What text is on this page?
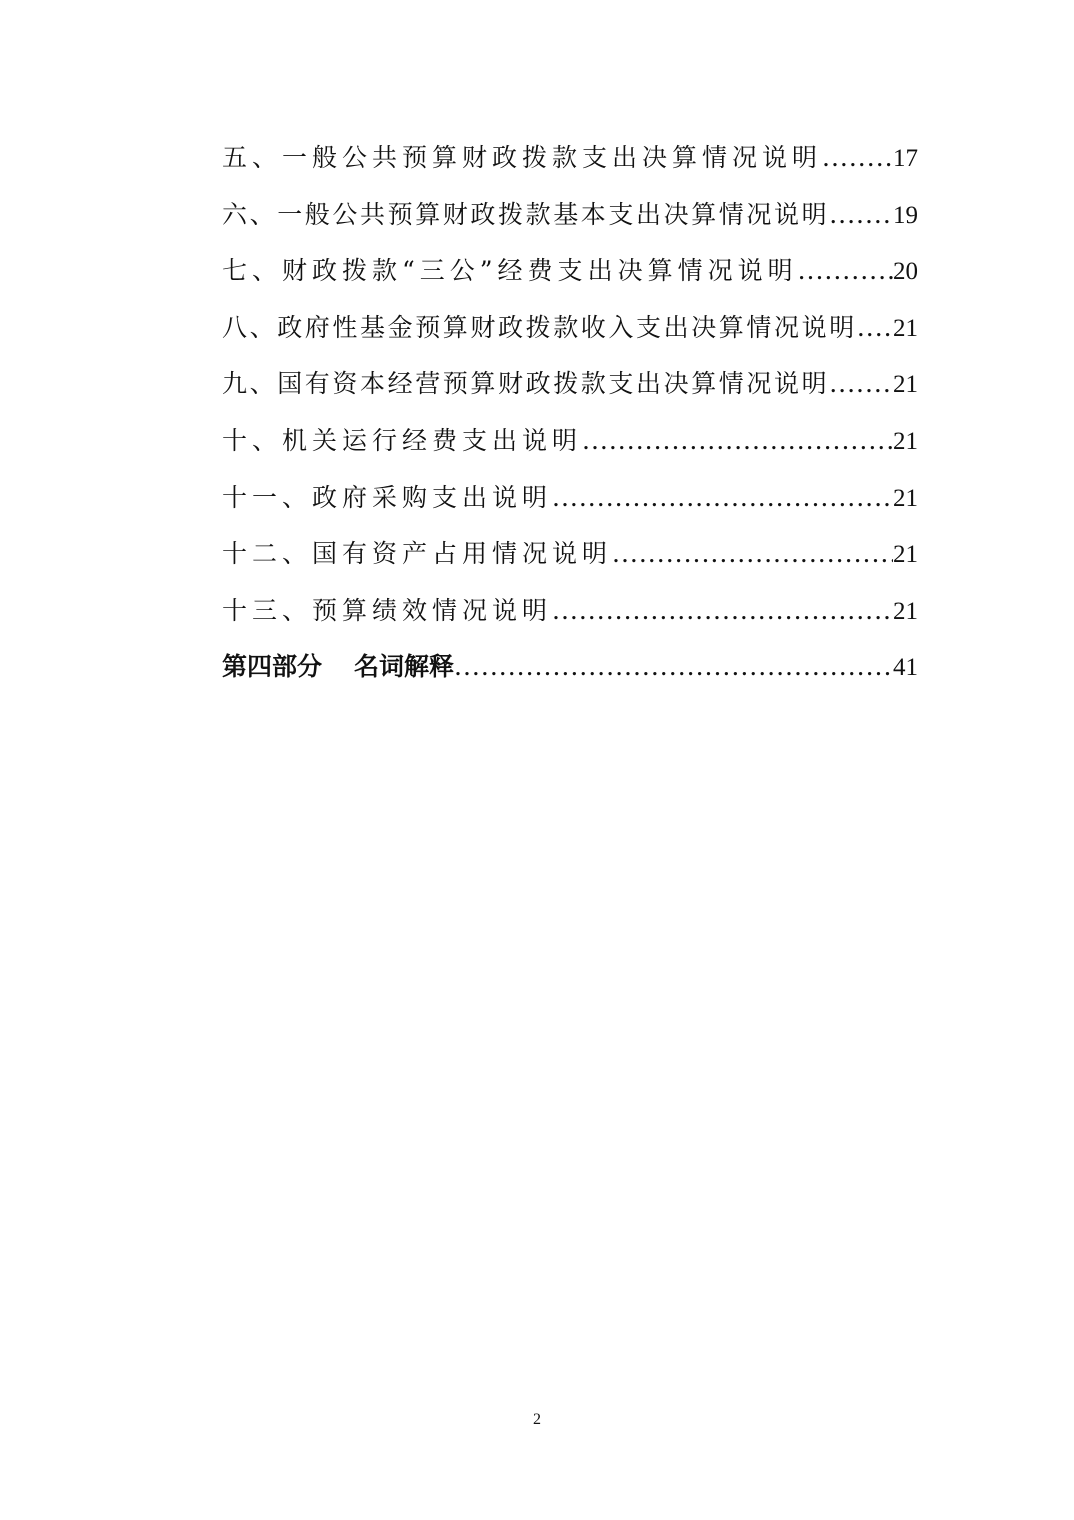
五、一般公共预算财政拨款支出决算情况说明 .....	17
六、一般公共预算财政拨款基本支出决算情况说明 .....	19
七、财政拨款“三公”经费支出决算情况说明 .....	20
八、政府性基金预算财政拨款收入支出决算情况说明 ..... 21
九、国有资本经营预算财政拨款支出决算情况说明 .....	21
十、机关运行经费支出说明 .....	21
十一、政府采购支出说明 .....	21
十二、国有资产占用情况说明 .....	21
十三、预算绩效情况说明 .....	21
第四部分 名词解释 .....	41
2
